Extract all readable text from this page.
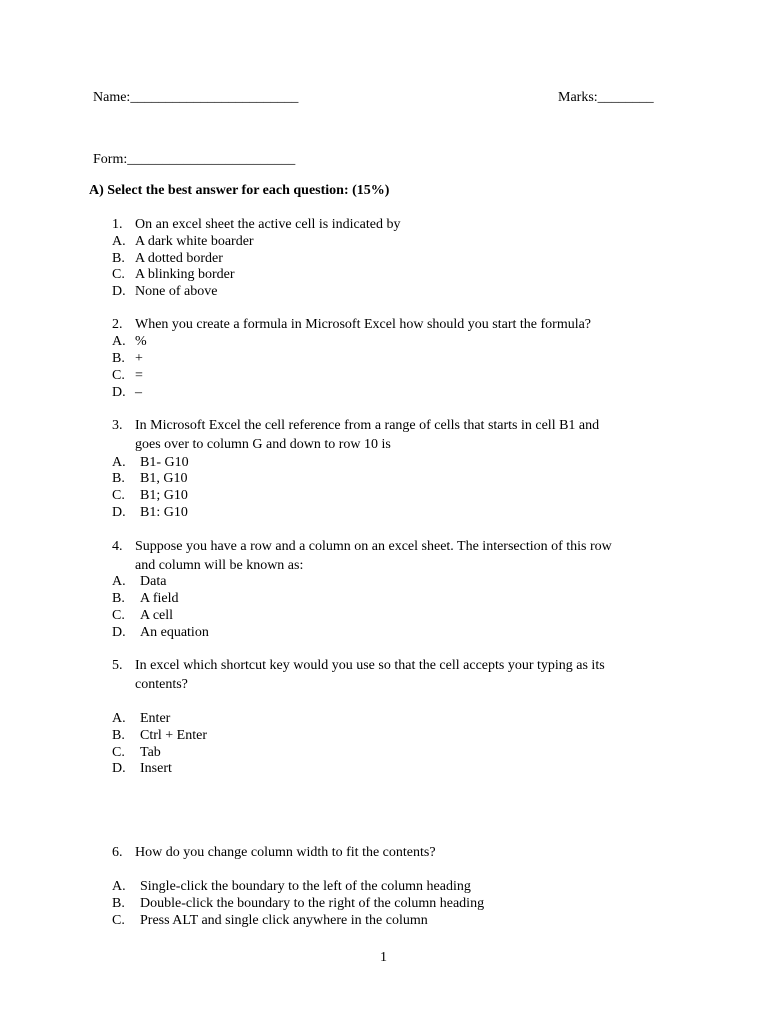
Name:________________________	Marks:________
Form:________________________
A) Select the best answer for each question: (15%)
1. On an excel sheet the active cell is indicated by
A. A dark white boarder
B. A dotted border
C. A blinking border
D. None of above
2. When you create a formula in Microsoft Excel how should you start the formula?
A. %
B. +
C. =
D. –
3. In Microsoft Excel the cell reference from a range of cells that starts in cell B1 and
goes over to column G and down to row 10 is
A. B1- G10
B. B1, G10
C. B1; G10
D. B1: G10
4. Suppose you have a row and a column on an excel sheet. The intersection of this row
and column will be known as:
A. Data
B. A field
C. A cell
D. An equation
5. In excel which shortcut key would you use so that the cell accepts your typing as its
contents?
A. Enter
B. Ctrl + Enter
C. Tab
D. Insert
6. How do you change column width to fit the contents?
A. Single-click the boundary to the left of the column heading
B. Double-click the boundary to the right of the column heading
C. Press ALT and single click anywhere in the column
1
